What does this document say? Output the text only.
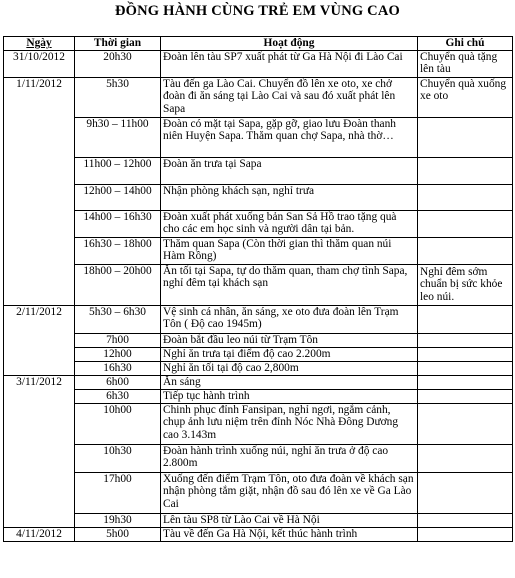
ĐỒNG HÀNH CÙNG TRẺ EM VÙNG CAO
Ngày	Thời gian	Hoạt động	Ghi chú
31/10/2012	20h30	Đoàn lên tàu SP7 xuất phát từ Ga Hà Nội đi Lào Cai	Chuyển quà tặng lên tàu
1/11/2012	5h30	Tàu đến ga Lào Cai. Chuyển đồ lên xe oto, xe chở đoàn đi ăn sáng tại Lào Cai và sau đó xuất phát lên Sapa	Chuyển quà xuống xe oto
	9h30 – 11h00	Đoàn có mặt tại Sapa, gặp gỡ, giao lưu Đoàn thanh niên Huyện Sapa. Thăm quan chợ Sapa, nhà thờ…	
	11h00 – 12h00	Đoàn ăn trưa tại Sapa	
	12h00 – 14h00	Nhận phòng khách sạn, nghỉ trưa	
	14h00 – 16h30	Đoàn xuất phát xuống bản San Sả Hồ trao tặng quà cho các em học sinh và người dân tại bản.	
	16h30 – 18h00	Thăm quan Sapa (Còn thời gian thì thăm quan núi Hàm Rồng)	
	18h00 – 20h00	Ăn tối tại Sapa, tự do thăm quan, tham chợ tình Sapa, nghỉ đêm tại khách sạn	Nghỉ đêm sớm chuẩn bị sức khỏe leo núi.
2/11/2012	5h30 – 6h30	Vệ sinh cá nhân, ăn sáng, xe oto đưa đoàn lên Trạm Tôn ( Độ cao 1945m)	
	7h00	Đoàn bắt đầu leo núi từ Trạm Tôn	
	12h00	Nghỉ ăn trưa tại điểm độ cao 2.200m	
	16h30	Nghỉ ăn tối tại độ cao 2,800m	
3/11/2012	6h00	Ăn sáng	
	6h30	Tiếp tục hành trình	
	10h00	Chinh phục đỉnh Fansipan, nghỉ ngơi, ngắm cảnh, chụp ảnh lưu niệm trên đỉnh Nóc Nhà Đông Dương cao 3.143m	
	10h30	Đoàn hành trình xuống núi, nghỉ ăn trưa ở độ cao 2.800m	
	17h00	Xuống đến điểm Trạm Tôn, oto đưa đoàn về khách sạn nhận phòng tắm giặt, nhận đồ sau đó lên xe về Ga Lào Cai	
	19h30	Lên tàu SP8 từ Lào Cai về Hà Nội	
4/11/2012	5h00	Tàu về đến Ga Hà Nội, kết thúc hành trình	
